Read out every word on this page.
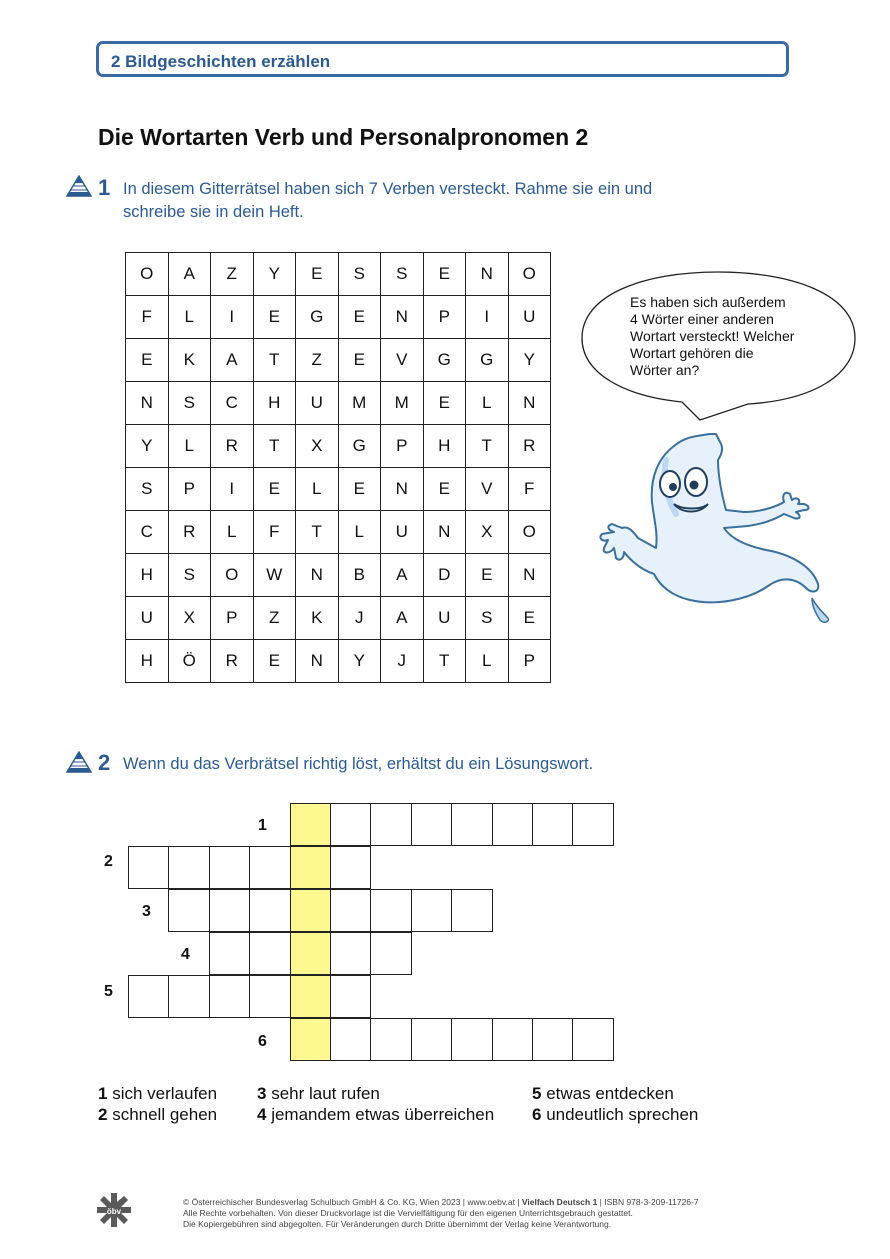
2 Bildgeschichten erzählen
Die Wortarten Verb und Personalpronomen 2
1 In diesem Gitterrätsel haben sich 7 Verben versteckt. Rahme sie ein und
schreibe sie in dein Heft.
O	A	Z	Y	E	S	S	E	N	O
F	L	I	E	G	E	N	P	I	U
E	K	A	T	Z	E	V	G	G	Y
N	S	C	H	U	M	M	E	L	N
Y	L	R	T	X	G	P	H	T	R
S	P	I	E	L	E	N	E	V	F
C	R	L	F	T	L	U	N	X	O
H	S	O	W	N	B	A	D	E	N
U	X	P	Z	K	J	A	U	S	E
H	Ö	R	E	N	Y	J	T	L	P
Es haben sich außerdem
4 Wörter einer anderen
Wortart versteckt! Welcher
Wortart gehören die
Wörter an?
2 Wenn du das Verbrätsel richtig löst, erhältst du ein Lösungswort.
1
2
3
4
5
6
1 sich verlaufen
2 schnell gehen
3 sehr laut rufen
4 jemandem etwas überreichen
5 etwas entdecken
6 undeutlich sprechen
öbv
© Österreichischer Bundesverlag Schulbuch GmbH & Co. KG, Wien 2023 | www.oebv.at | Vielfach Deutsch 1 | ISBN 978-3-209-11726-7
Alle Rechte vorbehalten. Von dieser Druckvorlage ist die Vervielfältigung für den eigenen Unterrichtsgebrauch gestattet.
Die Kopiergebühren sind abgegolten. Für Veränderungen durch Dritte übernimmt der Verlag keine Verantwortung.
